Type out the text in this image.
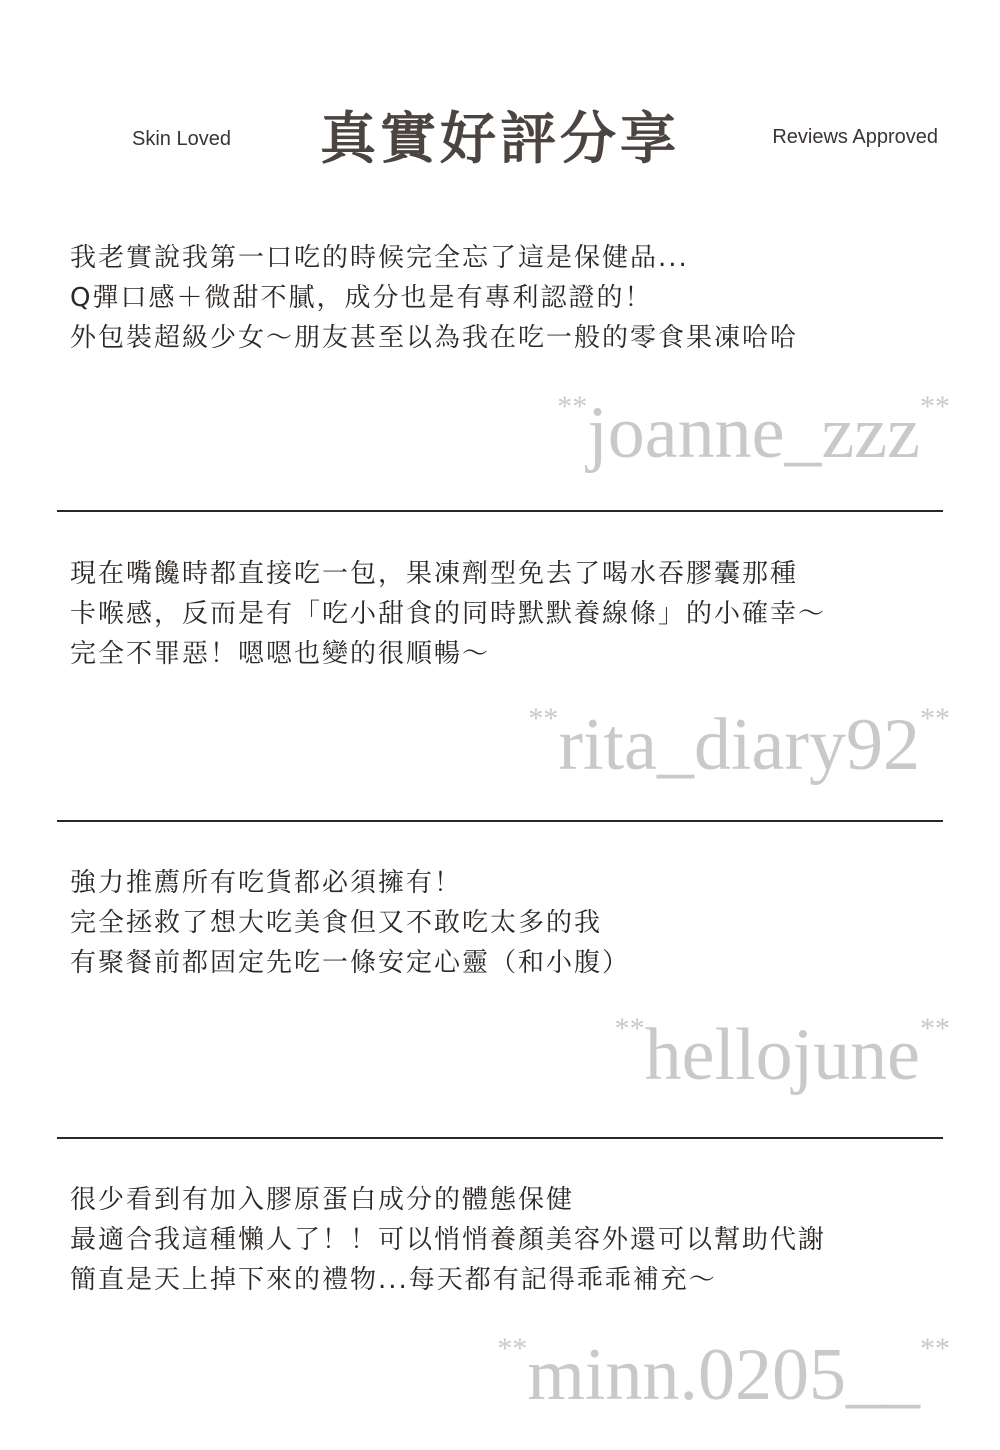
Skin Loved	真實好評分享	Reviews Approved
我老實說我第一口吃的時候完全忘了這是保健品...
Q彈口感＋微甜不膩，成分也是有專利認證的！
外包裝超級少女～朋友甚至以為我在吃一般的零食果凍哈哈
**joanne_zzz**
現在嘴饞時都直接吃一包，果凍劑型免去了喝水吞膠囊那種
卡喉感，反而是有「吃小甜食的同時默默養線條」的小確幸～
完全不罪惡！嗯嗯也變的很順暢～
**rita_diary92**
強力推薦所有吃貨都必須擁有！
完全拯救了想大吃美食但又不敢吃太多的我
有聚餐前都固定先吃一條安定心靈（和小腹）
**hellojune**
很少看到有加入膠原蛋白成分的體態保健
最適合我這種懶人了！！可以悄悄養顏美容外還可以幫助代謝
簡直是天上掉下來的禮物...每天都有記得乖乖補充～
**minn.0205__**
